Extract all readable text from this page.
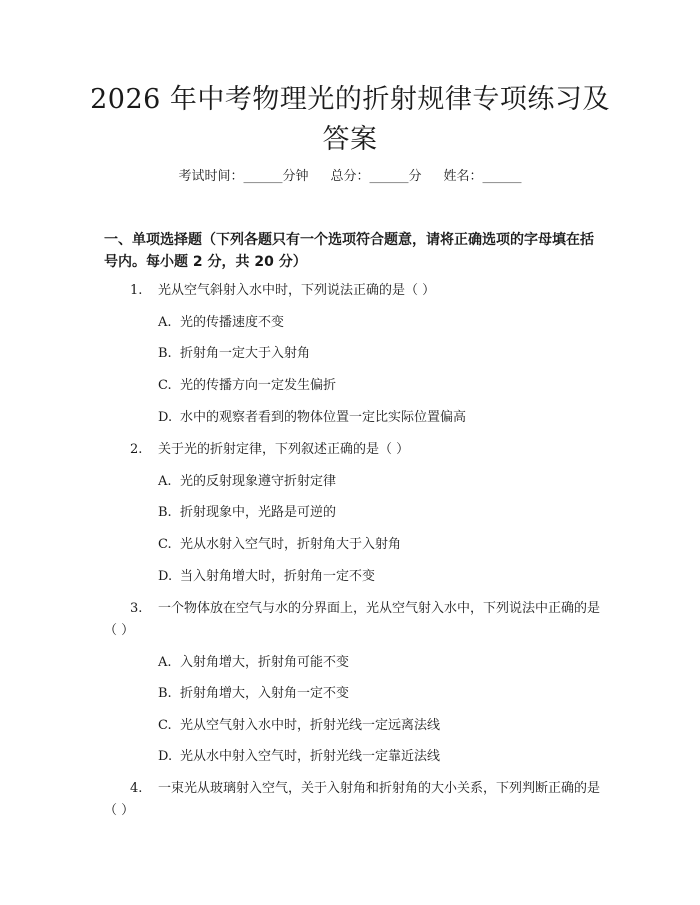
2026 年中考物理光的折射规律专项练习及答案
考试时间：______分钟 总分：______分 姓名：______
一、单项选择题（下列各题只有一个选项符合题意，请将正确选项的字母填在括号内。每小题 2 分，共 20 分）
1. 光从空气斜射入水中时，下列说法正确的是（ ）
A. 光的传播速度不变
B. 折射角一定大于入射角
C. 光的传播方向一定发生偏折
D. 水中的观察者看到的物体位置一定比实际位置偏高
2. 关于光的折射定律，下列叙述正确的是（ ）
A. 光的反射现象遵守折射定律
B. 折射现象中，光路是可逆的
C. 光从水射入空气时，折射角大于入射角
D. 当入射角增大时，折射角一定不变
3. 一个物体放在空气与水的分界面上，光从空气射入水中，下列说法中正确的是（ ）
A. 入射角增大，折射角可能不变
B. 折射角增大，入射角一定不变
C. 光从空气射入水中时，折射光线一定远离法线
D. 光从水中射入空气时，折射光线一定靠近法线
4. 一束光从玻璃射入空气，关于入射角和折射角的大小关系，下列判断正确的是（ ）
